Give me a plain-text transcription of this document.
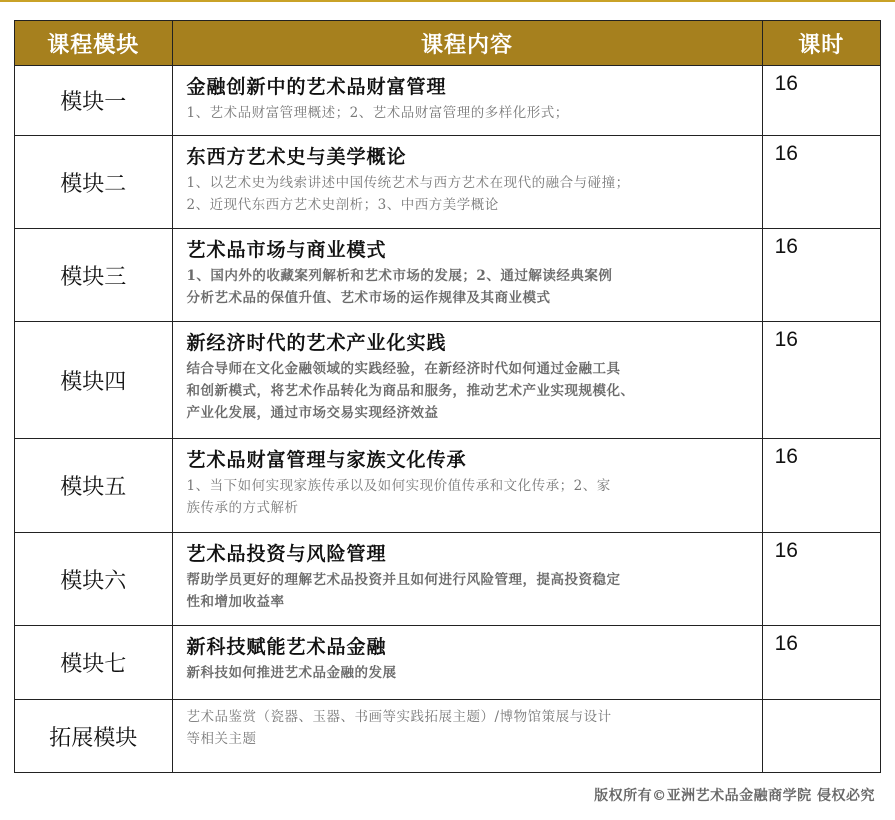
课程模块	课程内容	课时
模块一	金融创新中的艺术品财富管理
1、艺术品财富管理概述；2、艺术品财富管理的多样化形式；	16
模块二	东西方艺术史与美学概论
1、以艺术史为线索讲述中国传统艺术与西方艺术在现代的融合与碰撞；
2、近现代东西方艺术史剖析；3、中西方美学概论	16
模块三	艺术品市场与商业模式
1、国内外的收藏案列解析和艺术市场的发展；2、通过解读经典案例
分析艺术品的保值升值、艺术市场的运作规律及其商业模式	16
模块四	新经济时代的艺术产业化实践
结合导师在文化金融领域的实践经验，在新经济时代如何通过金融工具
和创新模式，将艺术作品转化为商品和服务，推动艺术产业实现规模化、
产业化发展，通过市场交易实现经济效益	16
模块五	艺术品财富管理与家族文化传承
1、当下如何实现家族传承以及如何实现价值传承和文化传承；2、家
族传承的方式解析	16
模块六	艺术品投资与风险管理
帮助学员更好的理解艺术品投资并且如何进行风险管理，提高投资稳定
性和增加收益率	16
模块七	新科技赋能艺术品金融
新科技如何推进艺术品金融的发展	16
拓展模块	艺术品鉴赏（瓷器、玉器、书画等实践拓展主题）/博物馆策展与设计
等相关主题	

版权所有©亚洲艺术品金融商学院 侵权必究
